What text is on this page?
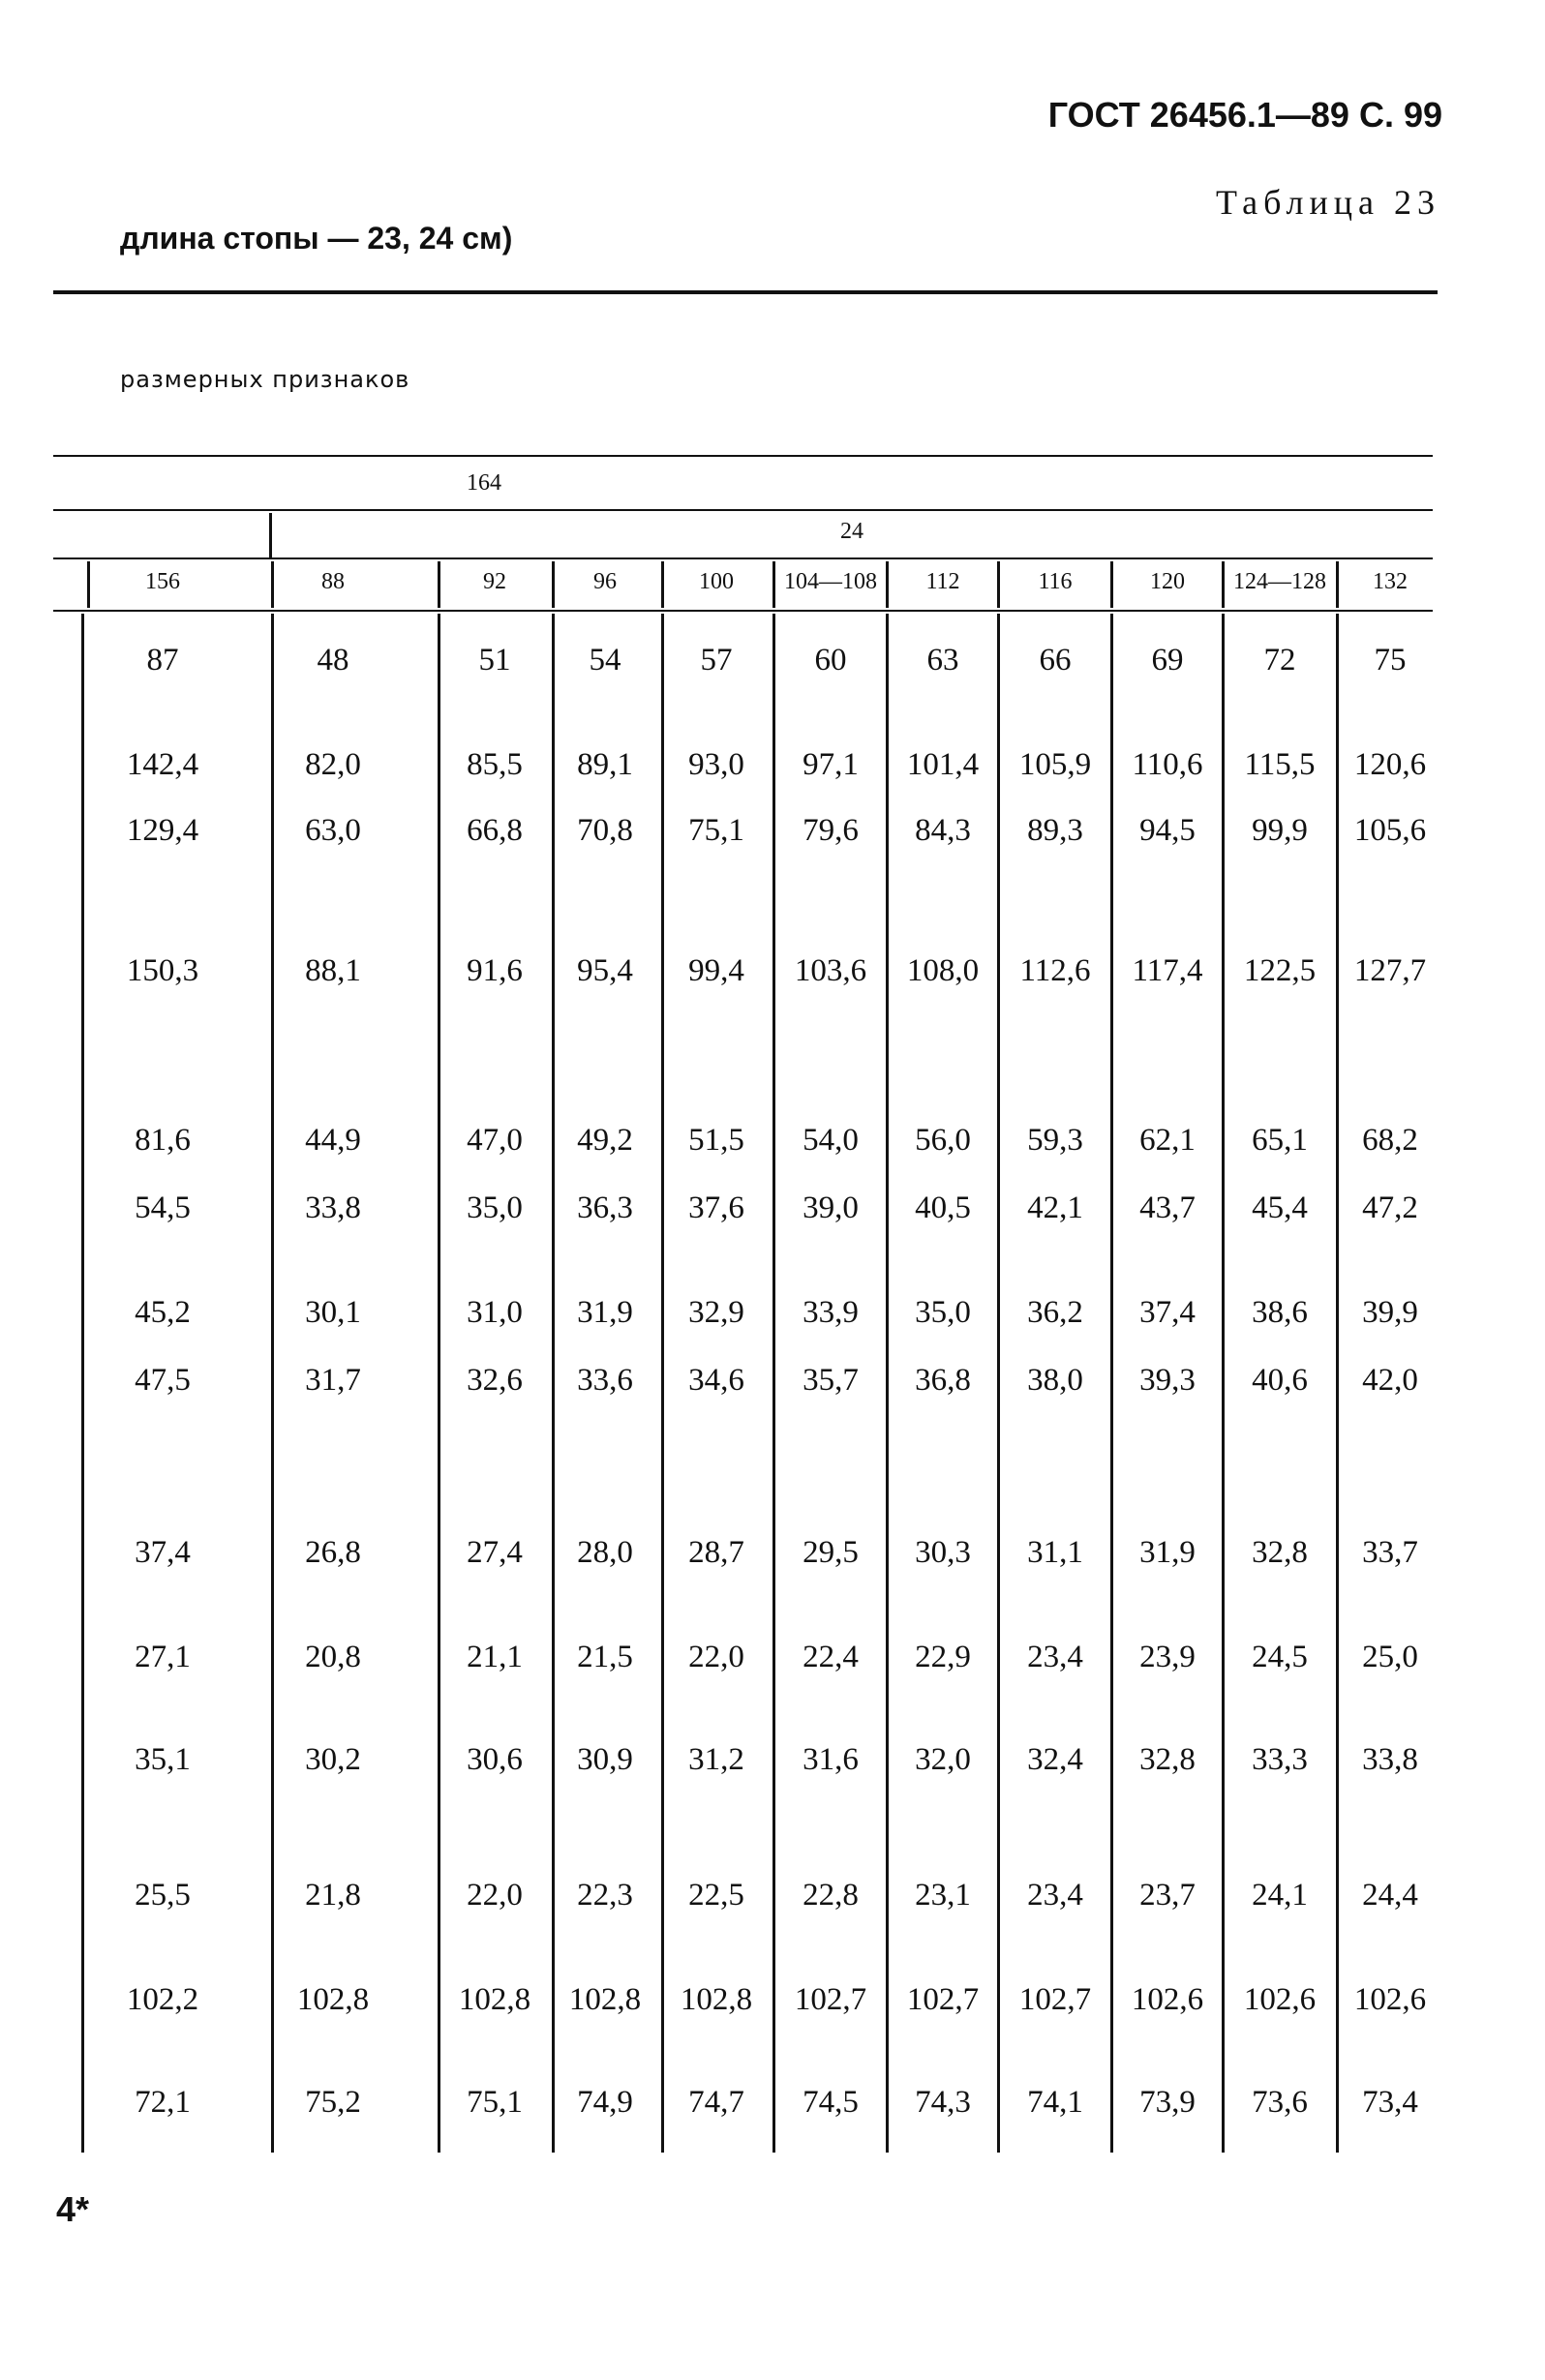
ГОСТ 26456.1—89 С. 99
Таблица 23
длина стопы — 23, 24 см)
размерных признаков
164
24
156	88	92	96	100	104—108	112	116	120	124—128	132
87	48	51	54	57	60	63	66	69	72	75
142,4	82,0	85,5	89,1	93,0	97,1	101,4	105,9	110,6	115,5	120,6
129,4	63,0	66,8	70,8	75,1	79,6	84,3	89,3	94,5	99,9	105,6
150,3	88,1	91,6	95,4	99,4	103,6	108,0	112,6	117,4	122,5	127,7
81,6	44,9	47,0	49,2	51,5	54,0	56,0	59,3	62,1	65,1	68,2
54,5	33,8	35,0	36,3	37,6	39,0	40,5	42,1	43,7	45,4	47,2
45,2	30,1	31,0	31,9	32,9	33,9	35,0	36,2	37,4	38,6	39,9
47,5	31,7	32,6	33,6	34,6	35,7	36,8	38,0	39,3	40,6	42,0
37,4	26,8	27,4	28,0	28,7	29,5	30,3	31,1	31,9	32,8	33,7
27,1	20,8	21,1	21,5	22,0	22,4	22,9	23,4	23,9	24,5	25,0
35,1	30,2	30,6	30,9	31,2	31,6	32,0	32,4	32,8	33,3	33,8
25,5	21,8	22,0	22,3	22,5	22,8	23,1	23,4	23,7	24,1	24,4
102,2	102,8	102,8	102,8	102,8	102,7	102,7	102,7	102,6	102,6	102,6
72,1	75,2	75,1	74,9	74,7	74,5	74,3	74,1	73,9	73,6	73,4
4*
